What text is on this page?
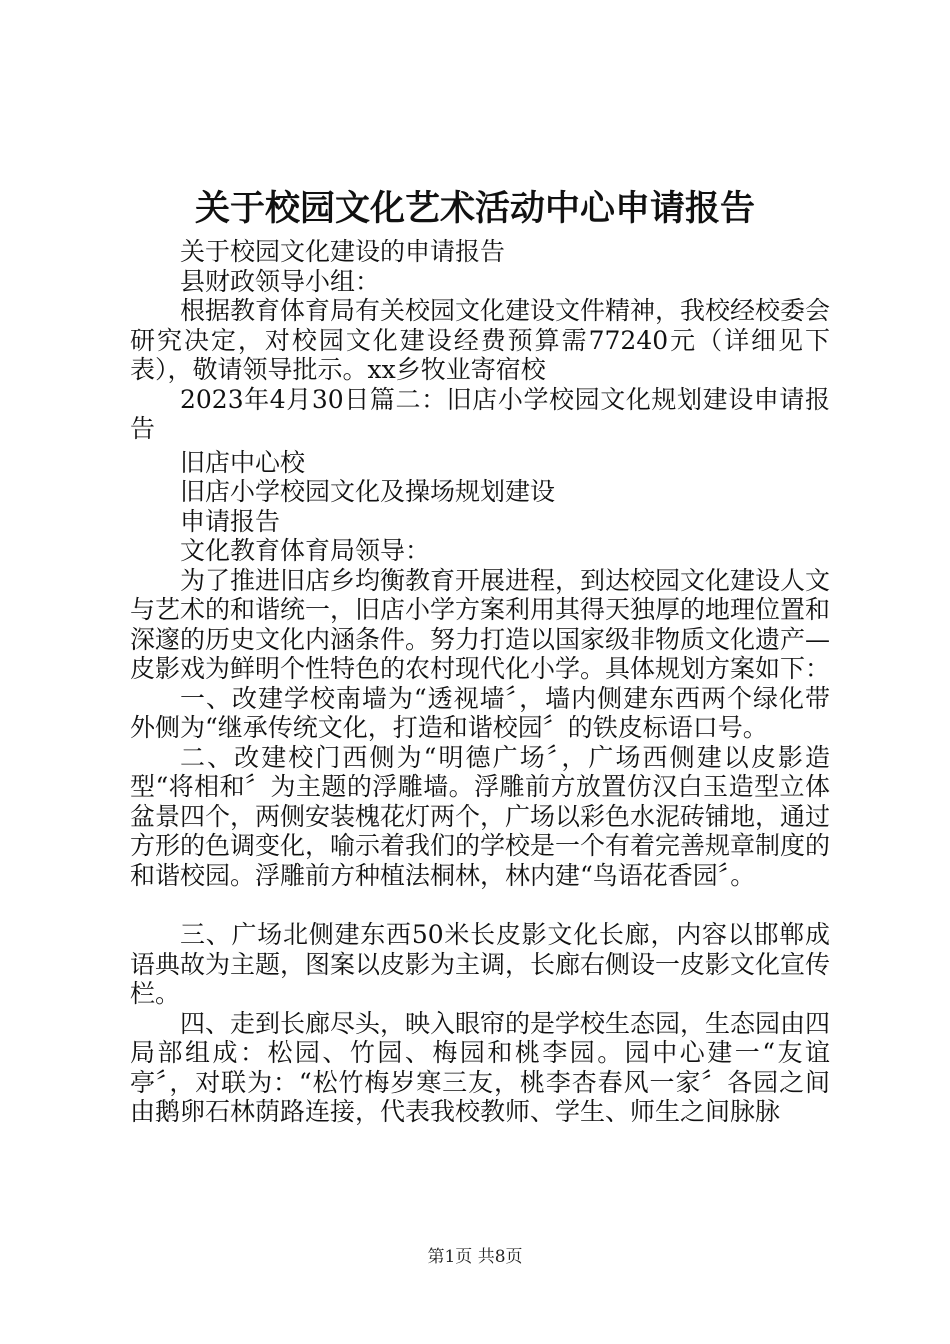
关于校园文化艺术活动中心申请报告

关于校园文化建设的申请报告

县财政领导小组：

根据教育体育局有关校园文化建设文件精神，我校经校委会研究决定，对校园文化建设经费预算需77240元（详细见下表），敬请领导批示。xx乡牧业寄宿校

2023年4月30日篇二：旧店小学校园文化规划建设申请报告

旧店中心校

旧店小学校园文化及操场规划建设

申请报告

文化教育体育局领导：

为了推进旧店乡均衡教育开展进程，到达校园文化建设人文与艺术的和谐统一，旧店小学方案利用其得天独厚的地理位置和深邃的历史文化内涵条件。努力打造以国家级非物质文化遗产—皮影戏为鲜明个性特色的农村现代化小学。具体规划方案如下：

一、改建学校南墙为“透视墙〞，墙内侧建东西两个绿化带外侧为“继承传统文化，打造和谐校园〞的铁皮标语口号。

二、改建校门西侧为“明德广场〞，广场西侧建以皮影造型“将相和〞为主题的浮雕墙。浮雕前方放置仿汉白玉造型立体盆景四个，两侧安装槐花灯两个，广场以彩色水泥砖铺地，通过方形的色调变化，喻示着我们的学校是一个有着完善规章制度的和谐校园。浮雕前方种植法桐林，林内建“鸟语花香园〞。

三、广场北侧建东西50米长皮影文化长廊，内容以邯郸成语典故为主题，图案以皮影为主调，长廊右侧设一皮影文化宣传栏。

四、走到长廊尽头，映入眼帘的是学校生态园，生态园由四局部组成：松园、竹园、梅园和桃李园。园中心建一“友谊亭〞，对联为：“松竹梅岁寒三友，桃李杏春风一家〞各园之间由鹅卵石林荫路连接，代表我校教师、学生、师生之间脉脉

第1页 共8页
